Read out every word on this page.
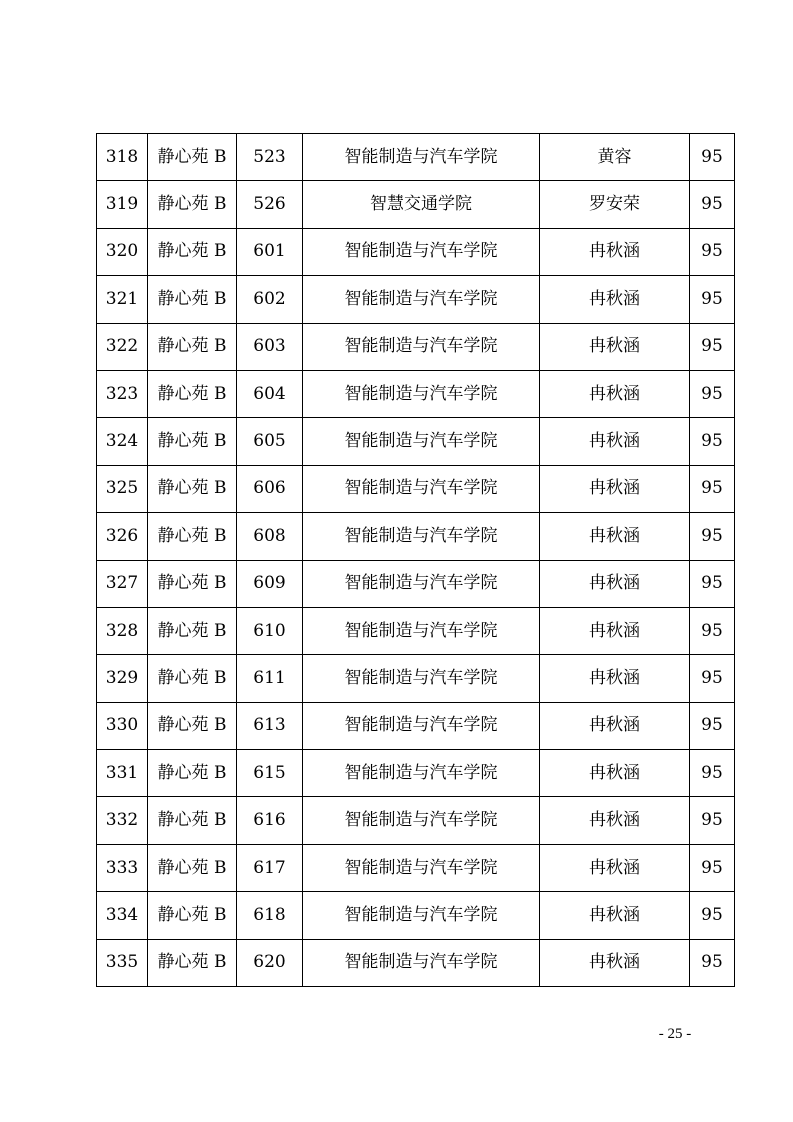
318	静心苑 B	523	智能制造与汽车学院	黄容	95
319	静心苑 B	526	智慧交通学院	罗安荣	95
320	静心苑 B	601	智能制造与汽车学院	冉秋涵	95
321	静心苑 B	602	智能制造与汽车学院	冉秋涵	95
322	静心苑 B	603	智能制造与汽车学院	冉秋涵	95
323	静心苑 B	604	智能制造与汽车学院	冉秋涵	95
324	静心苑 B	605	智能制造与汽车学院	冉秋涵	95
325	静心苑 B	606	智能制造与汽车学院	冉秋涵	95
326	静心苑 B	608	智能制造与汽车学院	冉秋涵	95
327	静心苑 B	609	智能制造与汽车学院	冉秋涵	95
328	静心苑 B	610	智能制造与汽车学院	冉秋涵	95
329	静心苑 B	611	智能制造与汽车学院	冉秋涵	95
330	静心苑 B	613	智能制造与汽车学院	冉秋涵	95
331	静心苑 B	615	智能制造与汽车学院	冉秋涵	95
332	静心苑 B	616	智能制造与汽车学院	冉秋涵	95
333	静心苑 B	617	智能制造与汽车学院	冉秋涵	95
334	静心苑 B	618	智能制造与汽车学院	冉秋涵	95
335	静心苑 B	620	智能制造与汽车学院	冉秋涵	95
- 25 -
